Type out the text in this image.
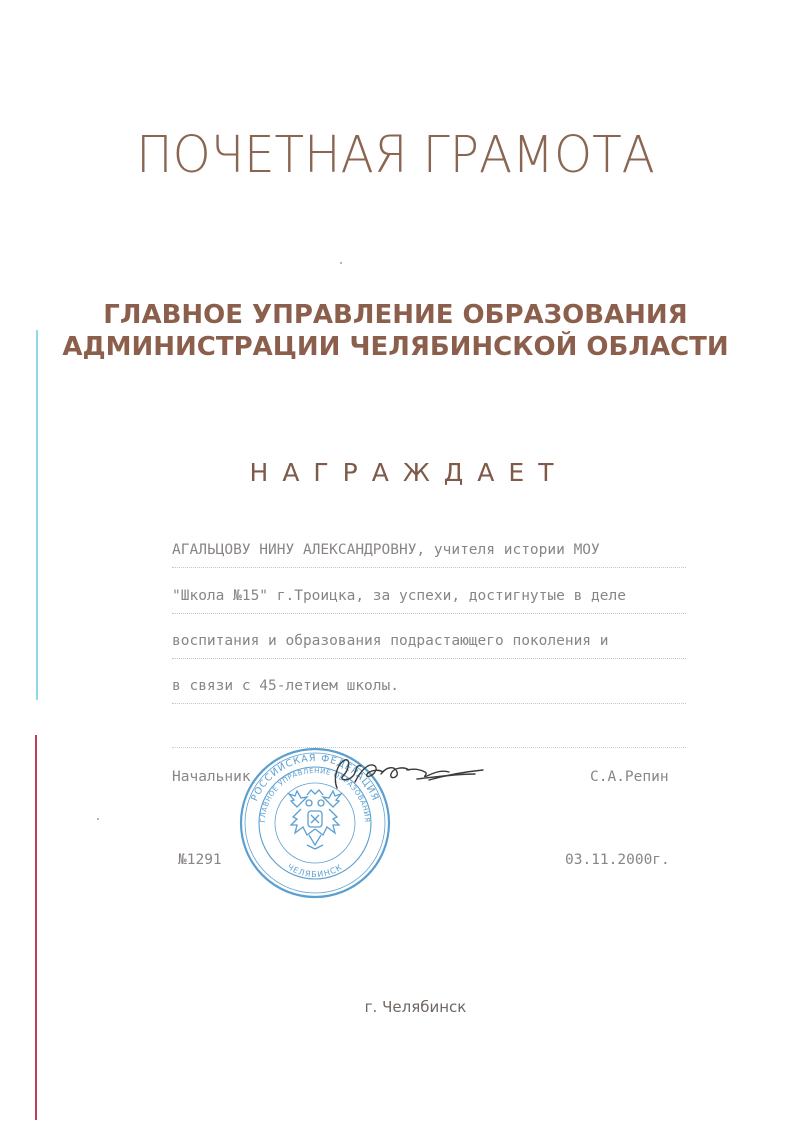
ПОЧЕТНАЯ ГРАМОТА
ГЛАВНОЕ УПРАВЛЕНИЕ ОБРАЗОВАНИЯ
АДМИНИСТРАЦИИ ЧЕЛЯБИНСКОЙ ОБЛАСТИ
НАГРАЖДАЕТ
АГАЛЬЦОВУ НИНУ АЛЕКСАНДРОВНУ, учителя истории МОУ
"Школа №15" г.Троицка, за успехи, достигнутые в деле
воспитания и образования подрастающего поколения и
в связи с 45-летием школы.
Начальник	С.А.Репин
№1291	03.11.2000г.
РОССИЙСКАЯ ФЕДЕРАЦИЯ
ГЛАВНОЕ УПРАВЛЕНИЕ ОБРАЗОВАНИЯ
ЧЕЛЯБИНСК
г. Челябинск
